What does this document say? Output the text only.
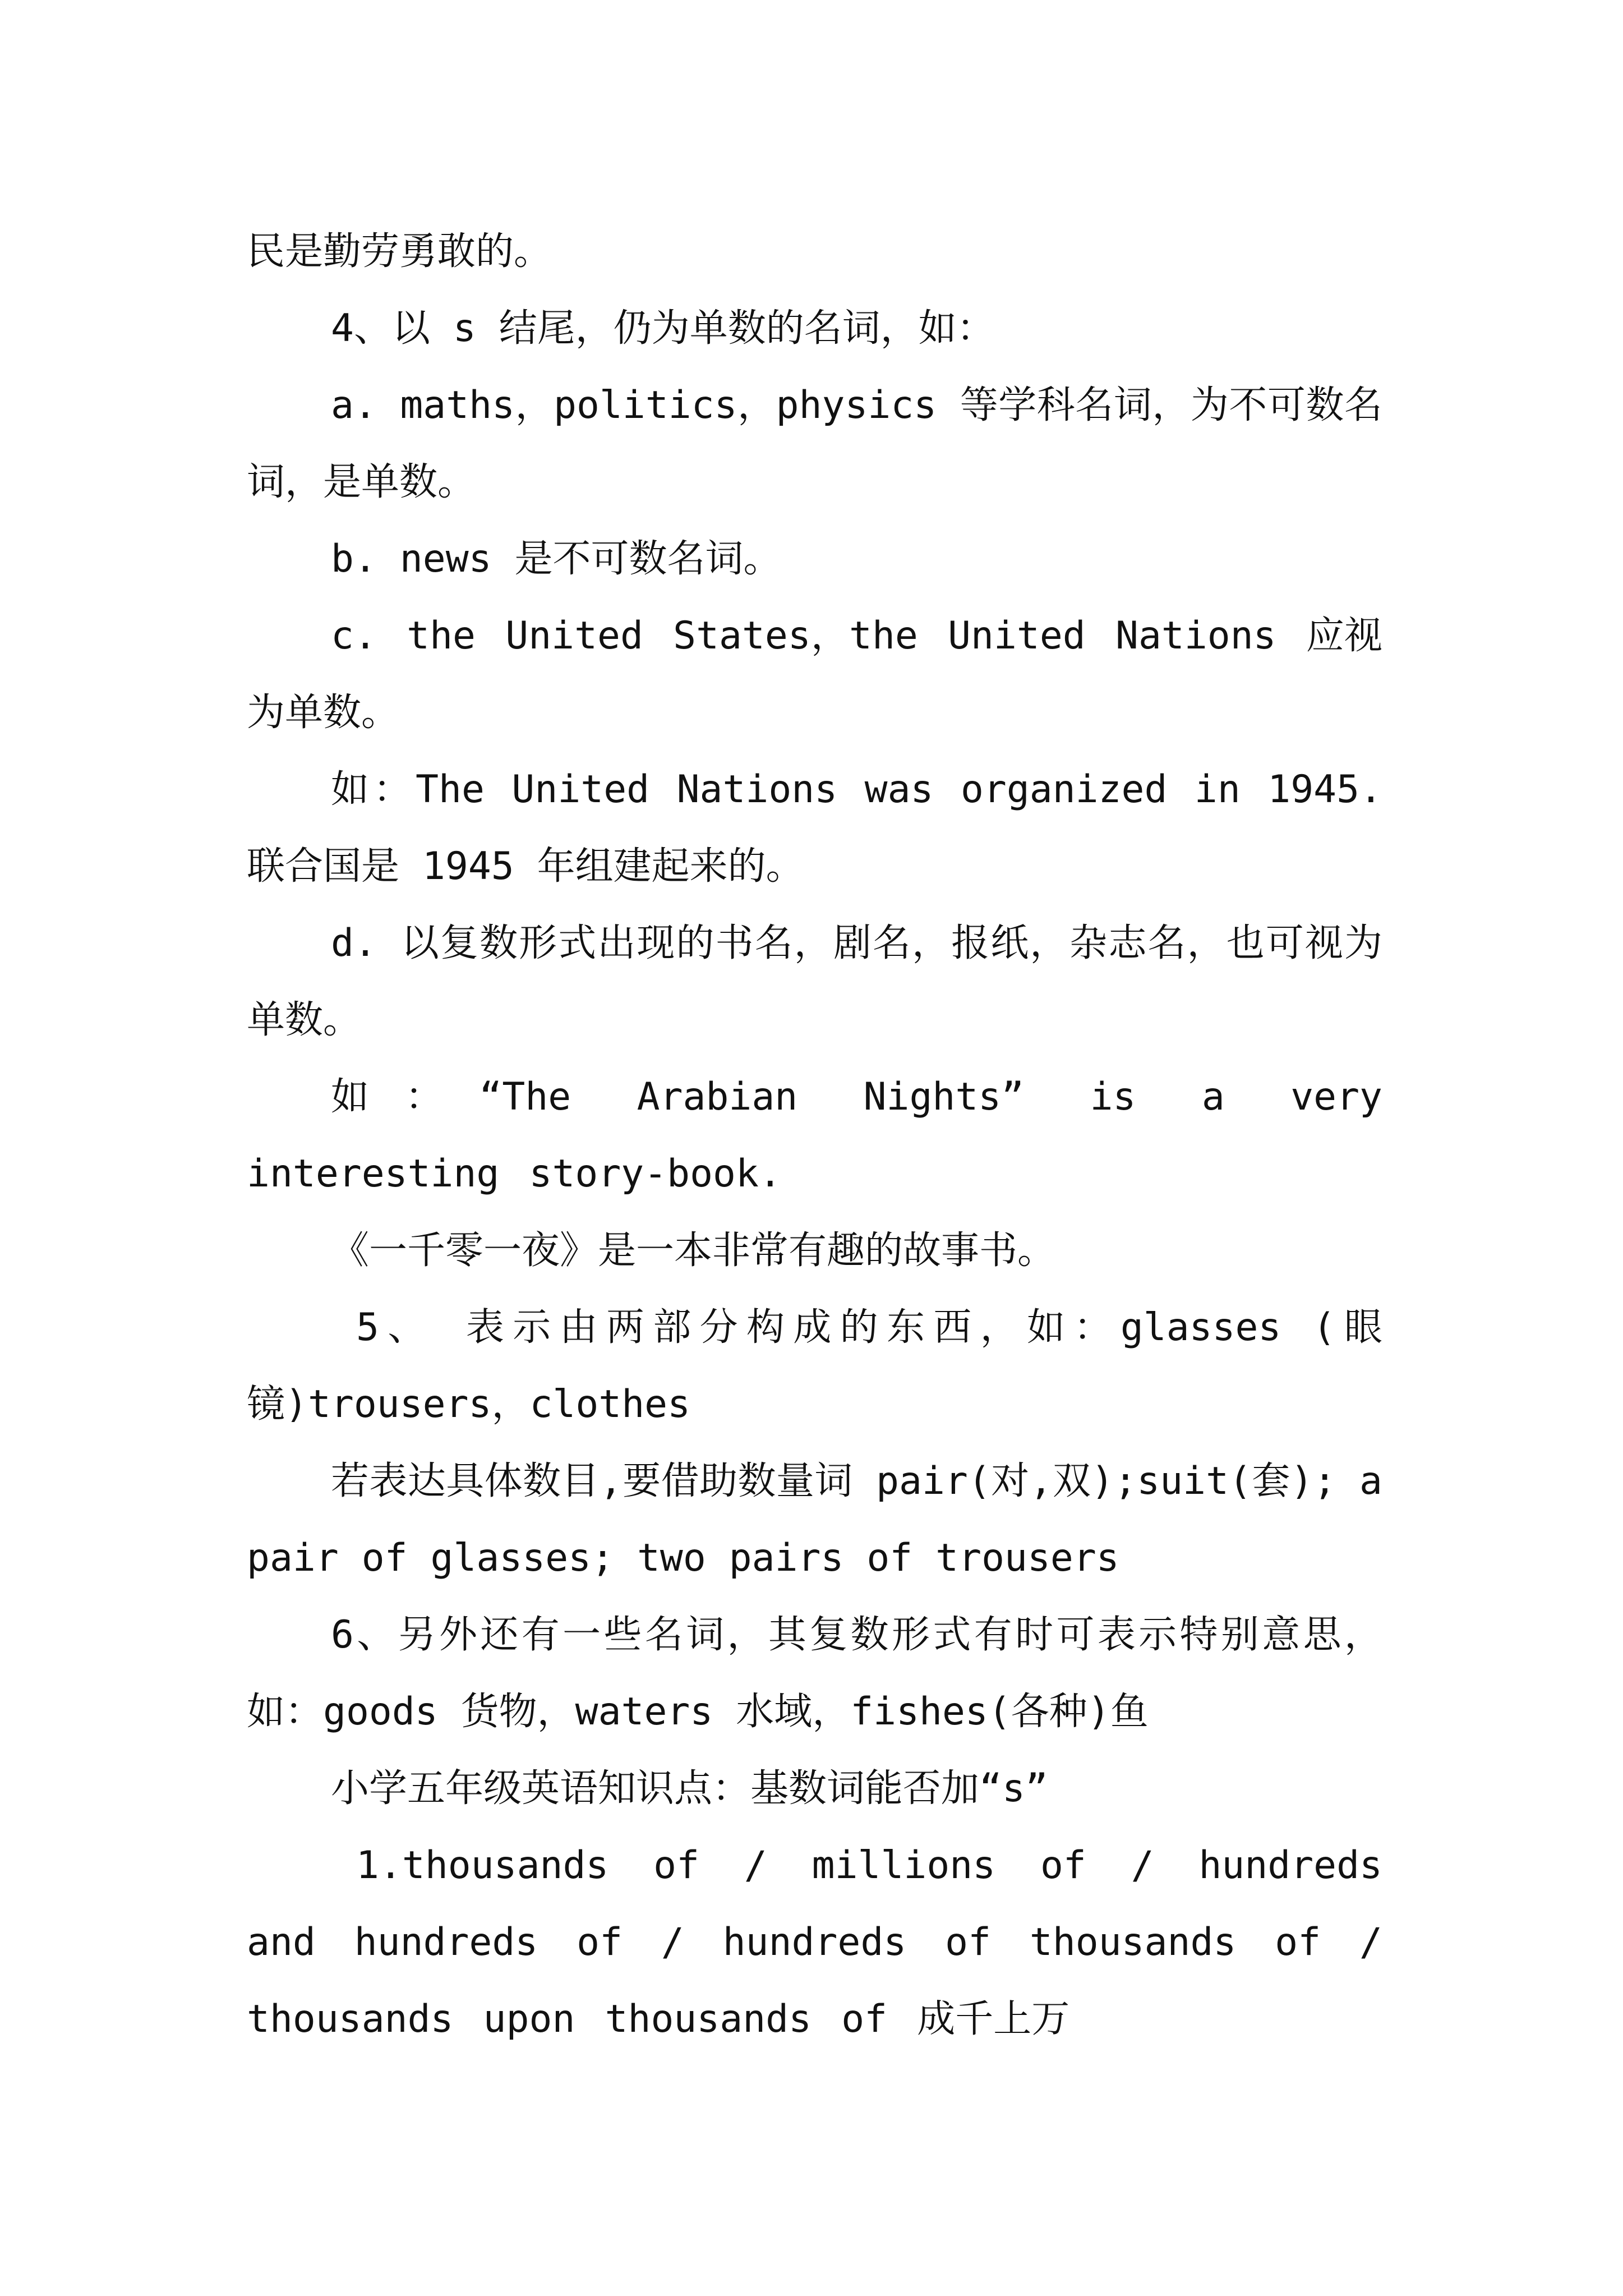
民是勤劳勇敢的。

4、以 s 结尾，仍为单数的名词，如：

a. maths，politics，physics 等学科名词，为不可数名词，是单数。

b. news 是不可数名词。

c. the United States，the United Nations 应视为单数。

如：The United Nations was organized in 1945. 联合国是 1945 年组建起来的。

d. 以复数形式出现的书名，剧名，报纸，杂志名，也可视为单数。

如：“The Arabian Nights” is a very interesting story-book.

《一千零一夜》是一本非常有趣的故事书。

5、 表示由两部分构成的东西，如：glasses (眼镜)trousers，clothes

若表达具体数目,要借助数量词 pair(对,双);suit(套); a pair of glasses; two pairs of trousers

6、另外还有一些名词，其复数形式有时可表示特别意思，如：goods 货物，waters 水域，fishes(各种)鱼

小学五年级英语知识点：基数词能否加“s”

1.thousands of / millions of / hundreds and hundreds of / hundreds of thousands of / thousands upon thousands of 成千上万
